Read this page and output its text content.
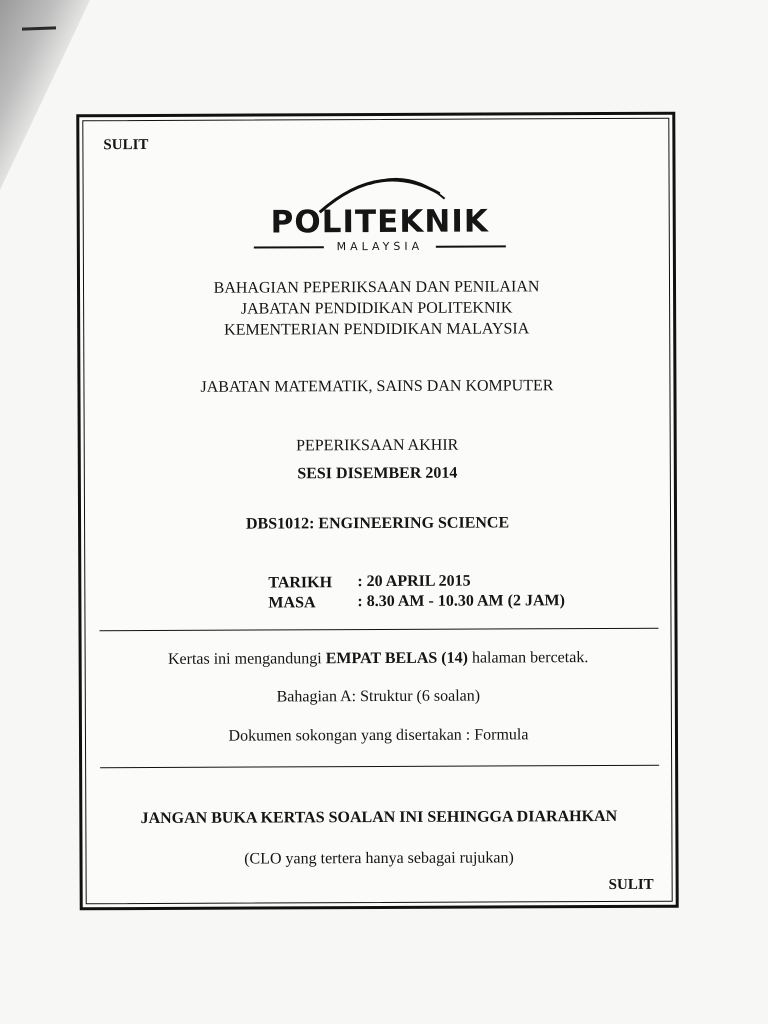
SULIT
POLITEKNIK
MALAYSIA
BAHAGIAN PEPERIKSAAN DAN PENILAIAN
JABATAN PENDIDIKAN POLITEKNIK
KEMENTERIAN PENDIDIKAN MALAYSIA
JABATAN MATEMATIK, SAINS DAN KOMPUTER
PEPERIKSAAN AKHIR
SESI DISEMBER 2014
DBS1012: ENGINEERING SCIENCE
TARIKH : 20 APRIL 2015
MASA	: 8.30 AM - 10.30 AM (2 JAM)
Kertas ini mengandungi EMPAT BELAS (14) halaman bercetak.
Bahagian A: Struktur (6 soalan)
Dokumen sokongan yang disertakan : Formula
JANGAN BUKA KERTAS SOALAN INI SEHINGGA DIARAHKAN
(CLO yang tertera hanya sebagai rujukan)
SULIT
